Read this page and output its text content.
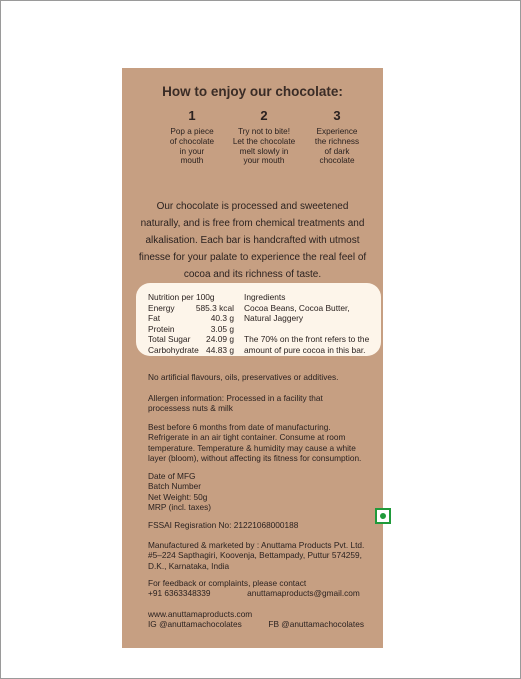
How to enjoy our chocolate:
1
Pop a piece
of chocolate
in your
mouth
2
Try not to bite!
Let the chocolate
melt slowly in
your mouth
3
Experience
the richness
of dark
chocolate
Our chocolate is processed and sweetened
naturally, and is free from chemical treatments and
alkalisation. Each bar is handcrafted with utmost
finesse for your palate to experience the real feel of
cocoa and its richness of taste.
Nutrition per 100g
Energy	585.3 kcal
Fat	40.3 g
Protein	3.05 g
Total Sugar	24.09 g
Carbohydrate 44.83 g
Ingredients
Cocoa Beans, Cocoa Butter,
Natural Jaggery
The 70% on the front refers to the
amount of pure cocoa in this bar.
No artificial flavours, oils, preservatives or additives.
Allergen information: Processed in a facility that
processess nuts & milk
Best before 6 months from date of manufacturing.
Refrigerate in an air tight container. Consume at room
temperature. Temperature & humidity may cause a white
layer (bloom), without affecting its fitness for consumption.
Date of MFG
Batch Number
Net Weight: 50g
MRP (incl. taxes)
FSSAI Regisration No: 21221068000188
Manufactured & marketed by : Anuttama Products Pvt. Ltd.
#5–224 Sapthagiri, Koovenja, Bettampady, Puttur 574259,
D.K., Karnataka, India
For feedback or complaints, please contact
+91 6363348339	anuttamaproducts@gmail.com
www.anuttamaproducts.com
IG @anuttamachocolates	FB @anuttamachocolates
